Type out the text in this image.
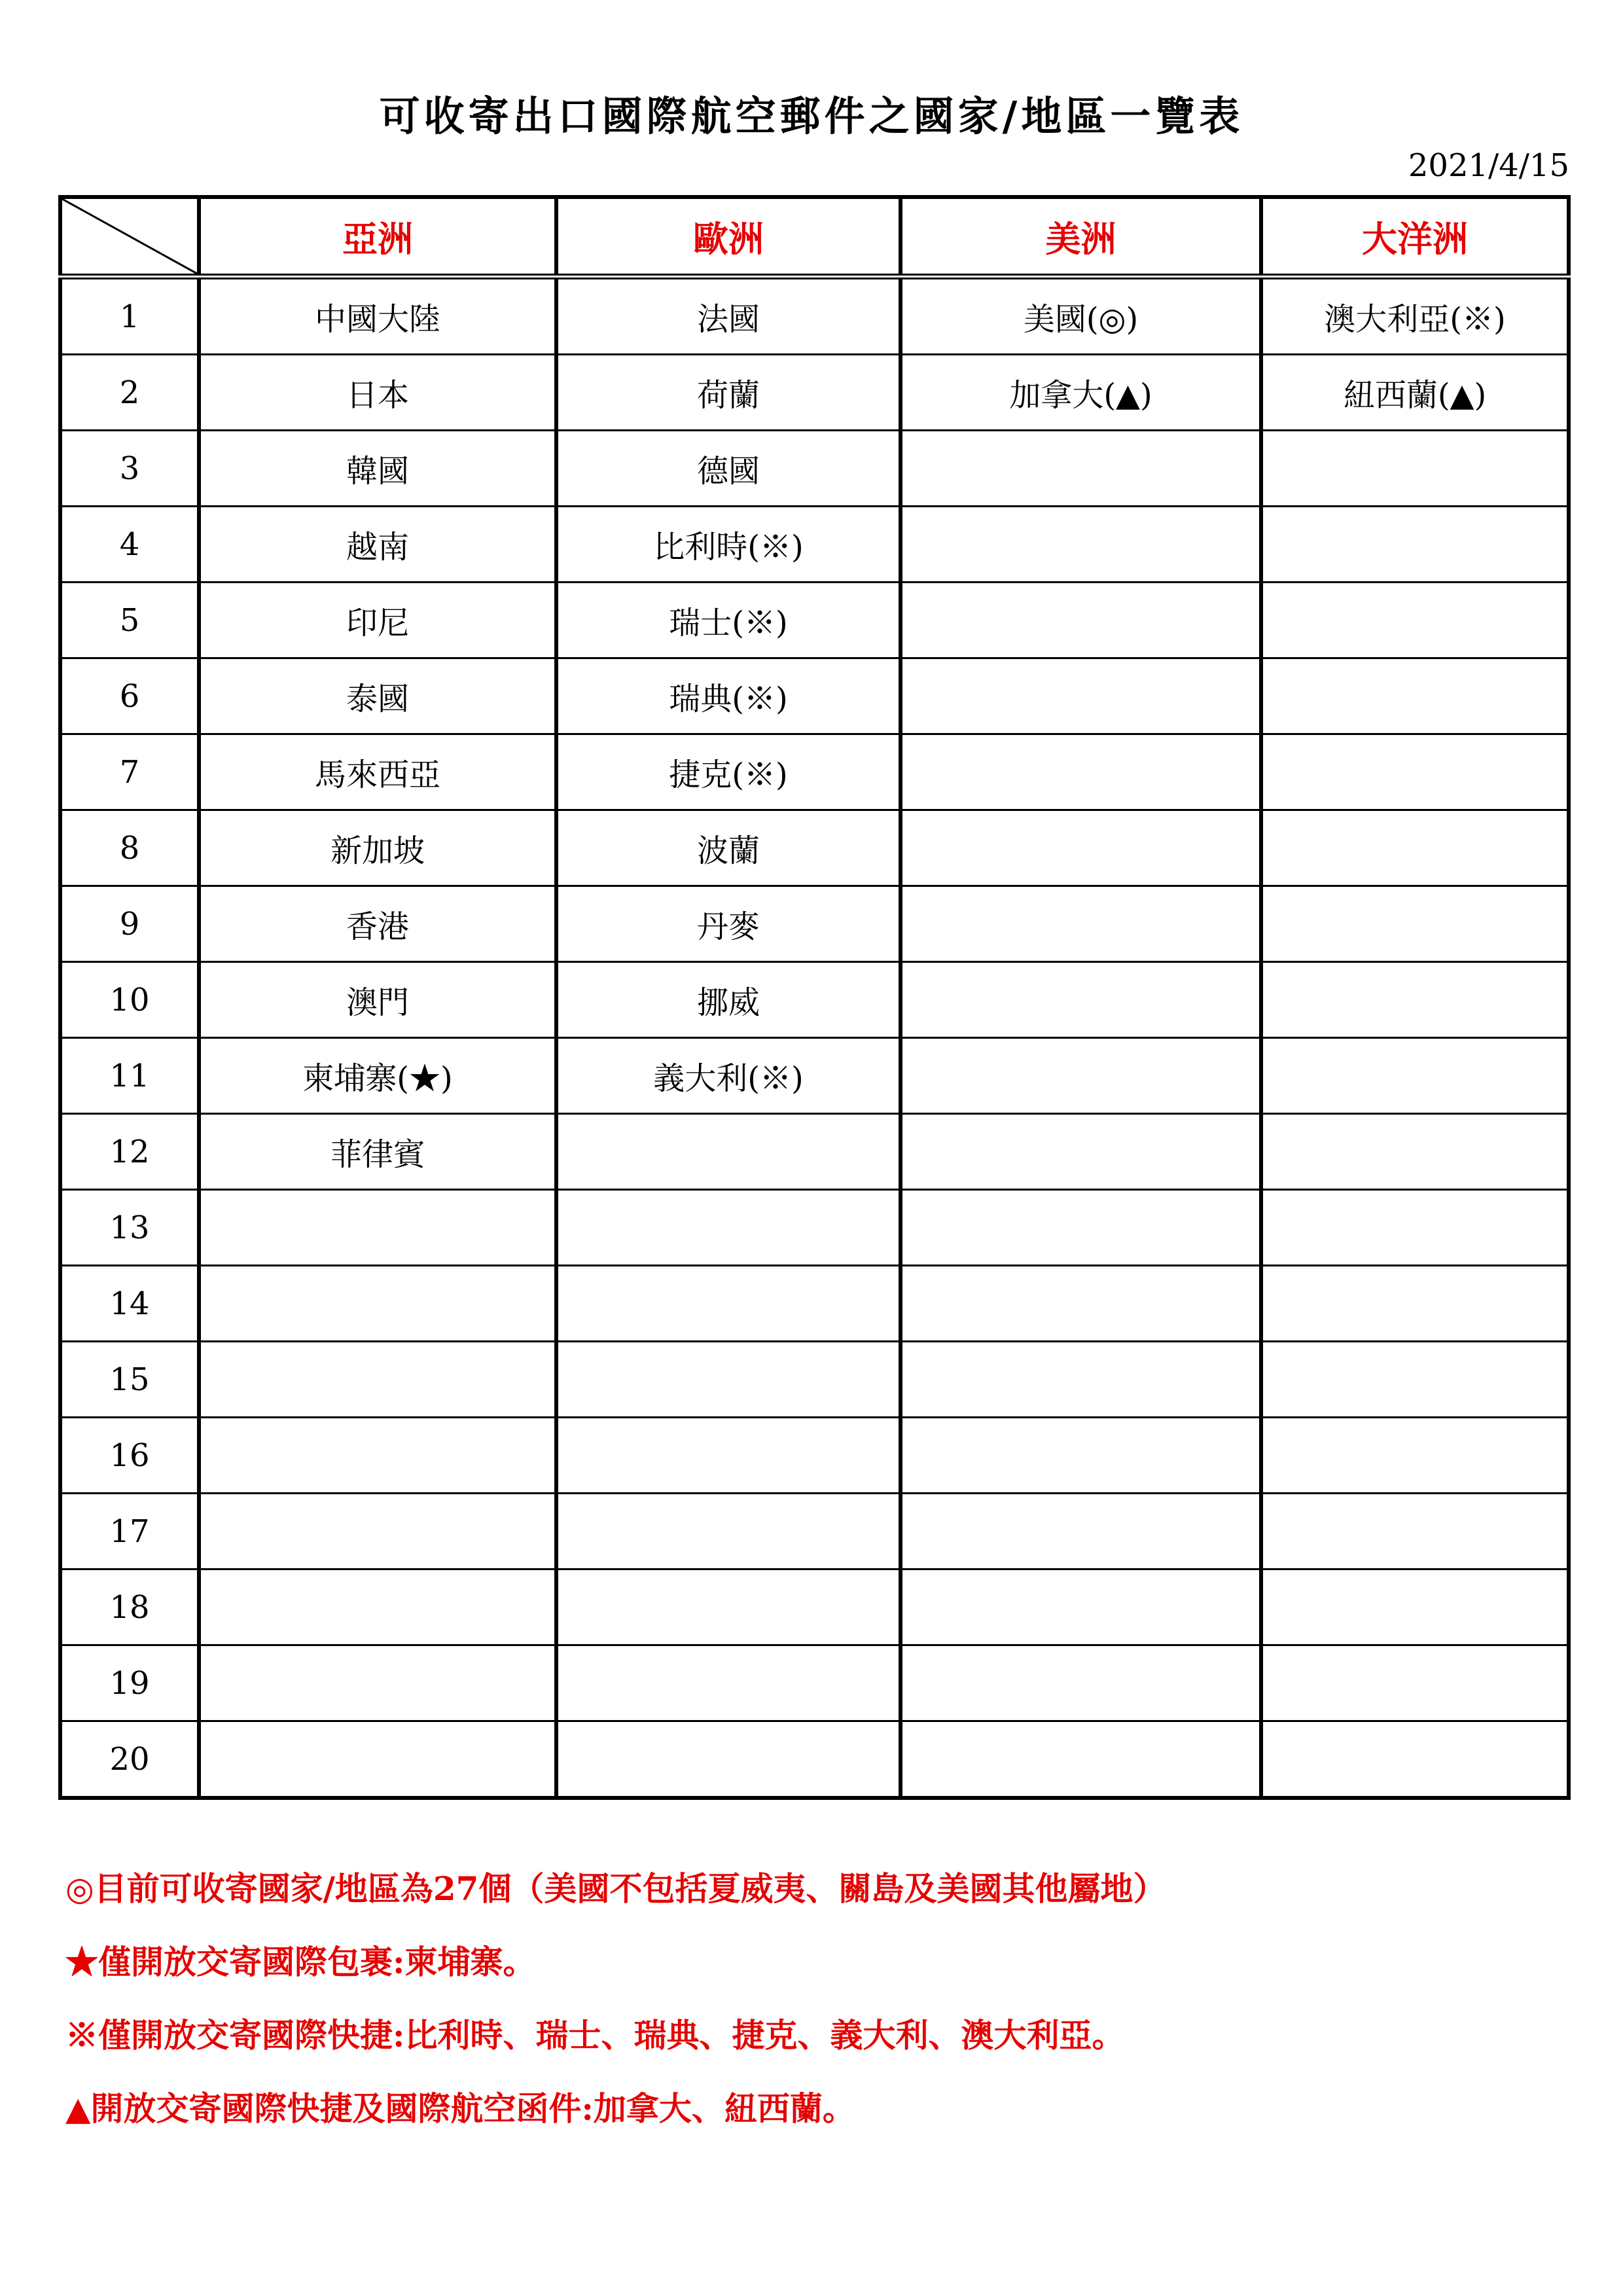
可收寄出口國際航空郵件之國家/地區一覽表
2021/4/15
	亞洲	歐洲	美洲	大洋洲
1	中國大陸	法國	美國(◎)	澳大利亞(※)
2	日本	荷蘭	加拿大(▲)	紐西蘭(▲)
3	韓國	德國		
4	越南	比利時(※)		
5	印尼	瑞士(※)		
6	泰國	瑞典(※)		
7	馬來西亞	捷克(※)		
8	新加坡	波蘭		
9	香港	丹麥		
10	澳門	挪威		
11	柬埔寨(★)	義大利(※)		
12	菲律賓			
13				
14				
15				
16				
17				
18				
19				
20				
◎目前可收寄國家/地區為27個（美國不包括夏威夷、關島及美國其他屬地）
★僅開放交寄國際包裹:柬埔寨。
※僅開放交寄國際快捷:比利時、瑞士、瑞典、捷克、義大利、澳大利亞。
▲開放交寄國際快捷及國際航空函件:加拿大、紐西蘭。
